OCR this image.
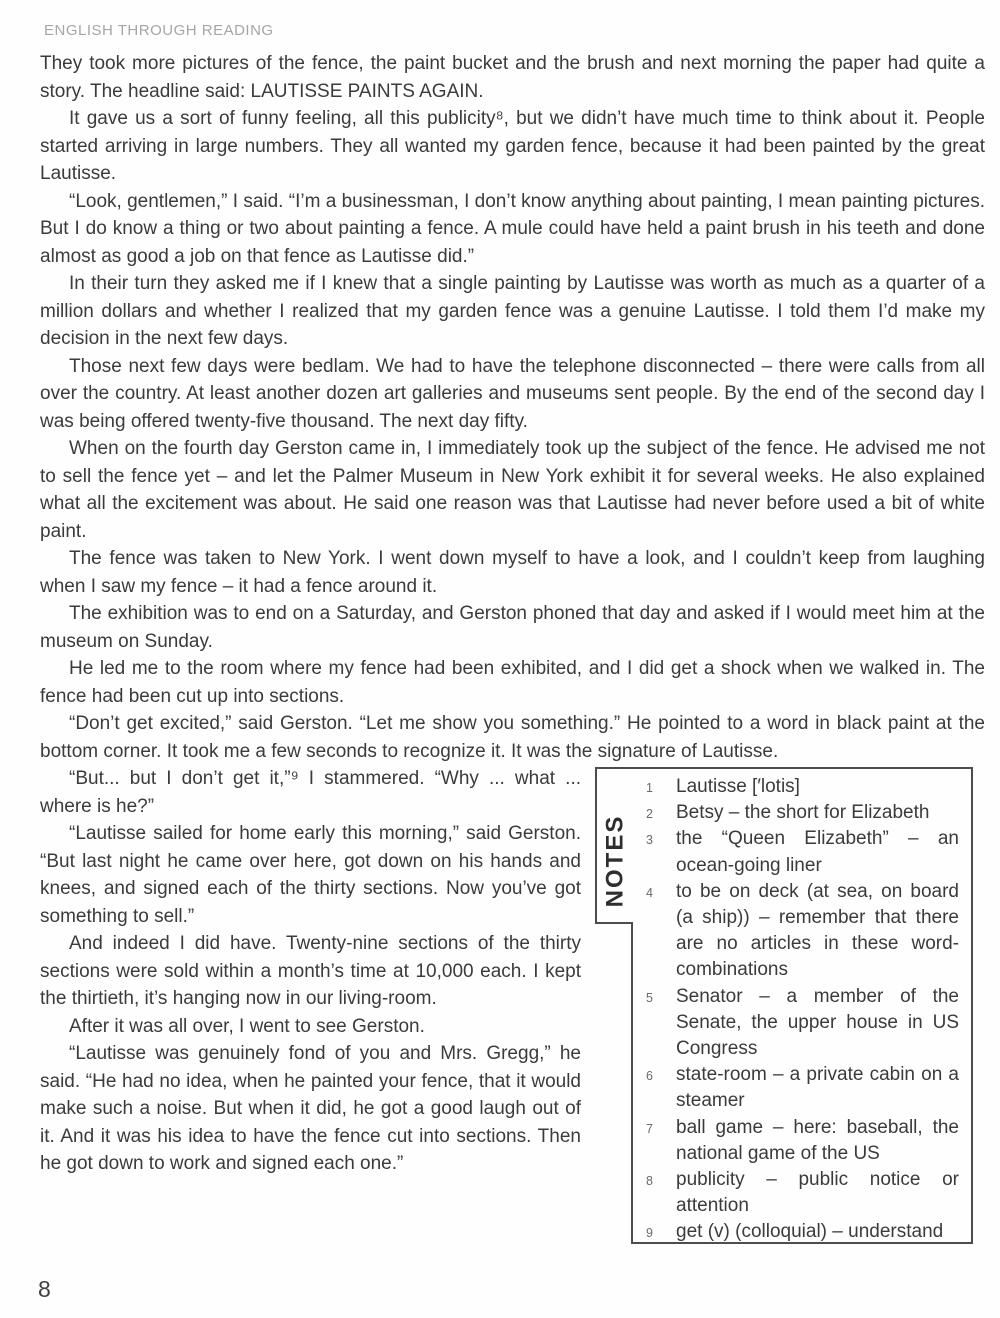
ENGLISH THROUGH READING

They took more pictures of the fence, the paint bucket and the brush and next morning the paper had quite a story. The headline said: LAUTISSE PAINTS AGAIN.

It gave us a sort of funny feeling, all this publicity⁸, but we didn’t have much time to think about it. People started arriving in large numbers. They all wanted my garden fence, because it had been painted by the great Lautisse.

“Look, gentlemen,” I said. “I’m a businessman, I don’t know anything about painting, I mean painting pictures. But I do know a thing or two about painting a fence. A mule could have held a paint brush in his teeth and done almost as good a job on that fence as Lautisse did.”

In their turn they asked me if I knew that a single painting by Lautisse was worth as much as a quarter of a million dollars and whether I realized that my garden fence was a genuine Lautisse. I told them I’d make my decision in the next few days.

Those next few days were bedlam. We had to have the telephone disconnected – there were calls from all over the country. At least another dozen art galleries and museums sent people. By the end of the second day I was being offered twenty-five thousand. The next day fifty.

When on the fourth day Gerston came in, I immediately took up the subject of the fence. He advised me not to sell the fence yet – and let the Palmer Museum in New York exhibit it for several weeks. He also explained what all the excitement was about. He said one reason was that Lautisse had never before used a bit of white paint.

The fence was taken to New York. I went down myself to have a look, and I couldn’t keep from laughing when I saw my fence – it had a fence around it.

The exhibition was to end on a Saturday, and Gerston phoned that day and asked if I would meet him at the museum on Sunday.

He led me to the room where my fence had been exhibited, and I did get a shock when we walked in. The fence had been cut up into sections.

“Don’t get excited,” said Gerston. “Let me show you something.” He pointed to a word in black paint at the bottom corner. It took me a few seconds to recognize it. It was the signature of Lautisse.

NOTES
1 Lautisse [′lotis]
2 Betsy – the short for Elizabeth
3 the “Queen Elizabeth” – an ocean-going liner
4 to be on deck (at sea, on board (a ship)) – remember that there are no articles in these word-combinations
5 Senator – a member of the Senate, the upper house in US Congress
6 state-room – a private cabin on a steamer
7 ball game – here: baseball, the national game of the US
8 publicity – public notice or attention
9 get (v) (colloquial) – understand

“But... but I don’t get it,”⁹ I stammered. “Why ... what ... where is he?”

“Lautisse sailed for home early this morning,” said Gerston. “But last night he came over here, got down on his hands and knees, and signed each of the thirty sections. Now you’ve got something to sell.”

And indeed I did have. Twenty-nine sections of the thirty sections were sold within a month’s time at 10,000 each. I kept the thirtieth, it’s hanging now in our living-room.

After it was all over, I went to see Gerston.

“Lautisse was genuinely fond of you and Mrs. Gregg,” he said. “He had no idea, when he painted your fence, that it would make such a noise. But when it did, he got a good laugh out of it. And it was his idea to have the fence cut into sections. Then he got down to work and signed each one.”

8
